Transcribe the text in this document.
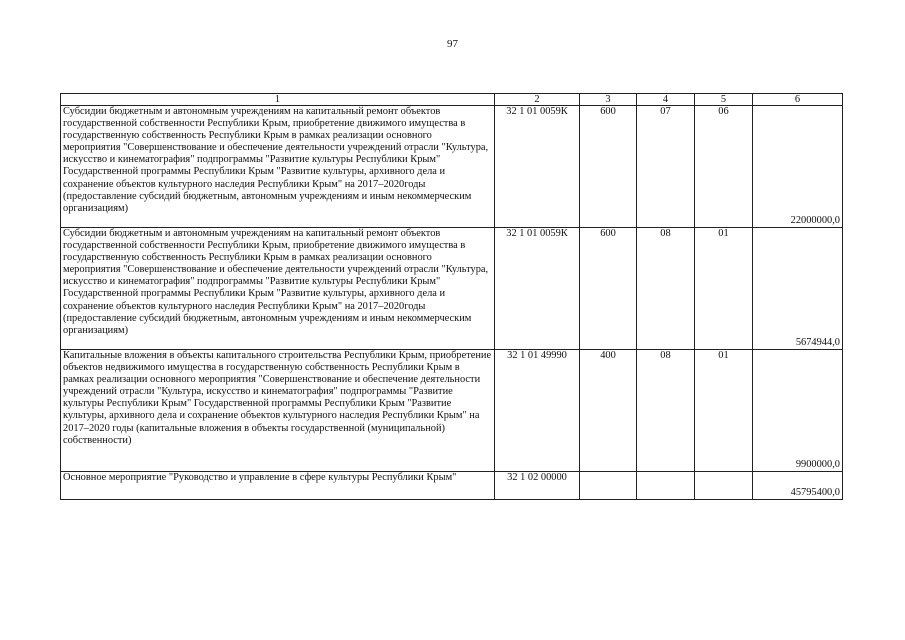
97
1	2	3	4	5	6
Субсидии бюджетным и автономным учреждениям на капитальный ремонт объектов государственной собственности Республики Крым, приобретение движимого имущества в государственную собственность Республики Крым в рамках реализации основного мероприятия "Совершенствование и обеспечение деятельности учреждений отрасли "Культура, искусство и кинематография" подпрограммы "Развитие культуры Республики Крым" Государственной программы Республики Крым "Развитие культуры, архивного дела и сохранение объектов культурного наследия Республики Крым" на 2017–2020годы (предоставление субсидий бюджетным, автономным учреждениям и иным некоммерческим организациям)	32 1 01 0059К	600	07	06	22000000,0
Субсидии бюджетным и автономным учреждениям на капитальный ремонт объектов государственной собственности Республики Крым, приобретение движимого имущества в государственную собственность Республики Крым в рамках реализации основного мероприятия "Совершенствование и обеспечение деятельности учреждений отрасли "Культура, искусство и кинематография" подпрограммы "Развитие культуры Республики Крым" Государственной программы Республики Крым "Развитие культуры, архивного дела и сохранение объектов культурного наследия Республики Крым" на 2017–2020годы (предоставление субсидий бюджетным, автономным учреждениям и иным некоммерческим организациям)	32 1 01 0059К	600	08	01	5674944,0
Капитальные вложения в объекты капитального строительства Республики Крым, приобретение объектов недвижимого имущества в государственную собственность Республики Крым в рамках реализации основного мероприятия "Совершенствование и обеспечение деятельности учреждений отрасли "Культура, искусство и кинематография" подпрограммы "Развитие культуры Республики Крым" Государственной программы Республики Крым "Развитие культуры, архивного дела и сохранение объектов культурного наследия Республики Крым" на 2017–2020 годы (капитальные вложения в объекты государственной (муниципальной) собственности)	32 1 01 49990	400	08	01	9900000,0
Основное мероприятие "Руководство и управление в сфере культуры Республики Крым"	32 1 02 00000				45795400,0
